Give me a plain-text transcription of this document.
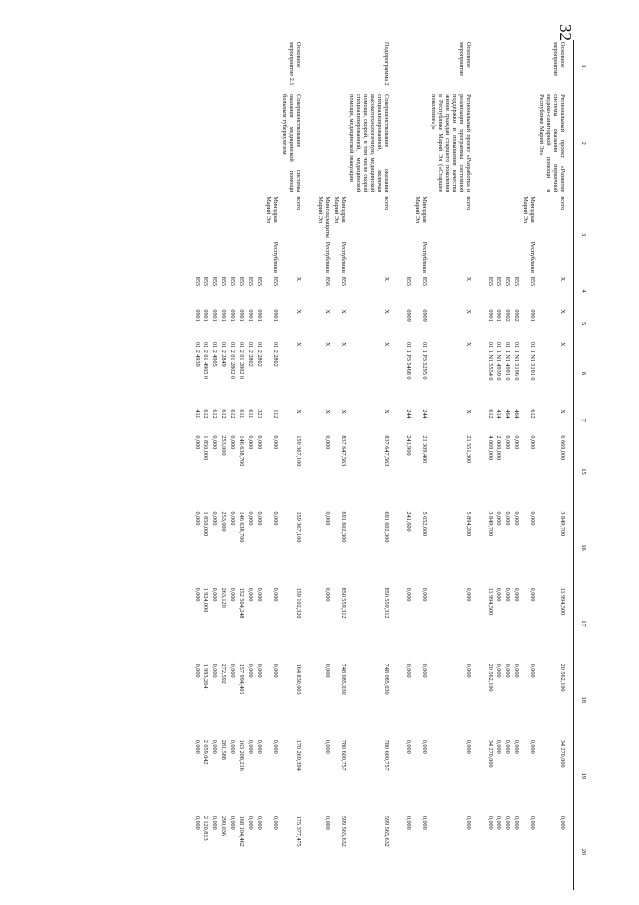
32
1	2	3	4	5	6	7	15	16	17	18	19	20
Основное мероприятие	Региональный проект «Развитие системы оказания первичной медико-санитарной помощи в Республике Марий Эл»	всего	X	X	X	X	6 669,000	3 849,700	11 994,500	20 562,100	34 270,000	0,000
		Минздрав Республики Марий Эл	855	0901	01 1 N1 5191 0	612	0,000	0,000	0,000	0,000	0,000	0,000
			855	0902	01 1 N1 5196 0	464	0,000	0,000	0,000	0,000	0,000	0,000
			855	0902	01 1 N1 4991 0	464	0,000	0,000	0,000	0,000	0,000	0,000
			855	0901	01 1 N1 4939 0	414	2 000,000	0,000	0,000	0,000	0,000	0,000
			855	0901	01 1 N1 5554 0	612	4 069,000	3 849,700	11 994,500	20 562,100	34 270,000	0,000

Основное мероприятие	Региональный проект «Разработка и реализация программы системной поддержки и повышения качества жизни граждан старшего поколения в Республике Марий Эл («Старшее поколение»)»	всего	X	X	X	X	21 551,300	5 894,200	0,000	0,000	0,000	0,000
		Минздрав Республики Марий Эл	855	0909	01 1 P3 5295 0	244	21 309,400	5 652,600	0,000	0,000	0,000	0,000
			855	0909	01 1 P3 5468 0	244	241,900	241,600	0,000	0,000	0,000	0,000

Подпрограмма 2	Совершенствование оказания специализированной, включая высокотехнологичную, медицинской помощи, скорой, в том числе скорой специализированной, медицинской помощи, медицинской эвакуации	всего	X	X	X	X	837 647,563	691 602,300	850 559,312	748 085,030	780 600,757	599 565,632
		Минздрав Республики Марий Эл	855	X	X	X	837 647,563	691 602,300	850 559,312	748 085,030	780 600,757	599 565,632
		Минсоцзащиты Республики Марий Эл	856	X	X	X	0,000	0,000	0,000	0,000	0,000	0,000

Основное мероприятие 2.1	Совершенствование системы оказания медицинской помощи больным туберкулезом	всего	X	X	X	X	159 367,100	159 367,100	159 102,320	164 830,003	170 269,394	175 377,475
		Минздрав Республики Марий Эл	855	0901	01 2 2802	112	0,000	0,000	0,000	0,000	0,000	0,000
			855	0901	01 2 2802	321	0,000	0,000	0,000	0,000	0,000	0,000
			855	0901	01 2 2802	611	0,000	0,000	0,000	0,000	0,000	0,000
			855	0901	01 2 01 2802 0	611	146 638,700	146 638,700	152 504,248	157 994,401	163 208,216	168 104,462
			855	0901	01 2 01 2802 0	612	0,000	0,000	0,000	0,000	0,000	0,000
			855	0901	01 2 2849	612	253,000	253,000	263,120	272,592	281,588	290,036
			855	0901	01 2 4905	612	0,000	0,000	0,000	0,000	0,000	0,000
			855	0901	01 2 01 4905 0	612	1 850,000	1 850,000	1 924,000	1 993,264	2 059,042	2 120,813
			855	0901	01 2 4939	411	0,000	0,000	0,000	0,000	0,000	0,000
